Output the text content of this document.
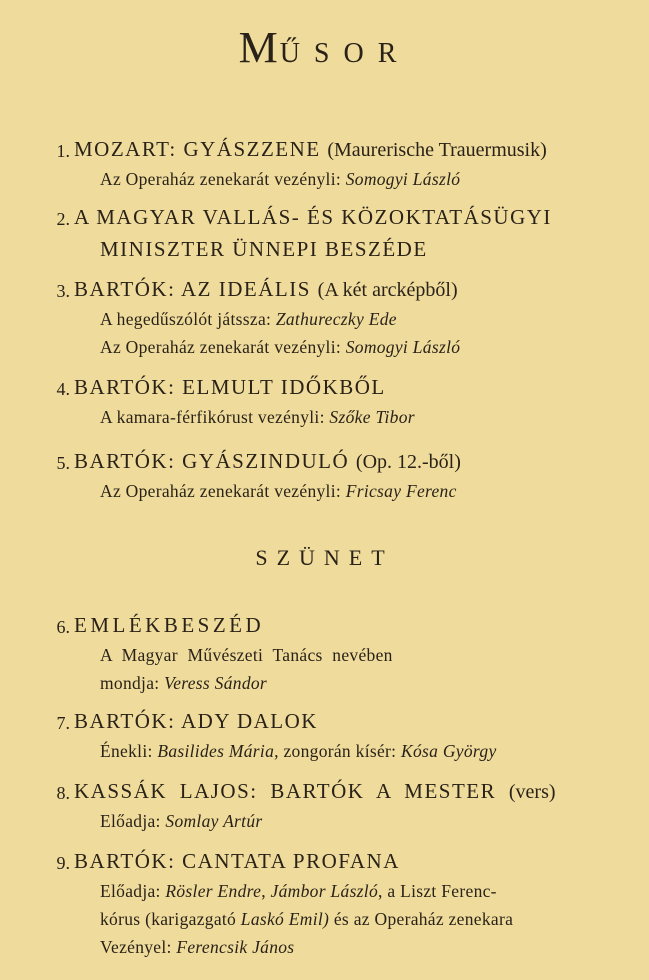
MŰSOR
1. MOZART: GYÁSZZENE (Maurerische Trauermusik)
Az Operaház zenekarát vezényli: Somogyi László
2. A MAGYAR VALLÁS- ÉS KÖZOKTATÁSÜGYI
MINISZTER ÜNNEPI BESZÉDE
3. BARTÓK: AZ IDEÁLIS (A két arcképből)
A hegedűszólót játssza: Zathureczky Ede
Az Operaház zenekarát vezényli: Somogyi László
4. BARTÓK: ELMULT IDŐKBŐL
A kamara-férfikórust vezényli: Szőke Tibor
5. BARTÓK: GYÁSZINDULÓ (Op. 12.-ből)
Az Operaház zenekarát vezényli: Fricsay Ferenc
SZÜNET
6. EMLÉKBESZÉD
A Magyar Művészeti Tanács nevében
mondja: Veress Sándor
7. BARTÓK: ADY DALOK
Énekli: Basilides Mária, zongorán kísér: Kósa György
8. KASSÁK LAJOS: BARTÓK A MESTER (vers)
Előadja: Somlay Artúr
9. BARTÓK: CANTATA PROFANA
Előadja: Rösler Endre, Jámbor László, a Liszt Ferenc-
kórus (karigazgató Laskó Emil) és az Operaház zenekara
Vezényel: Ferencsik János
